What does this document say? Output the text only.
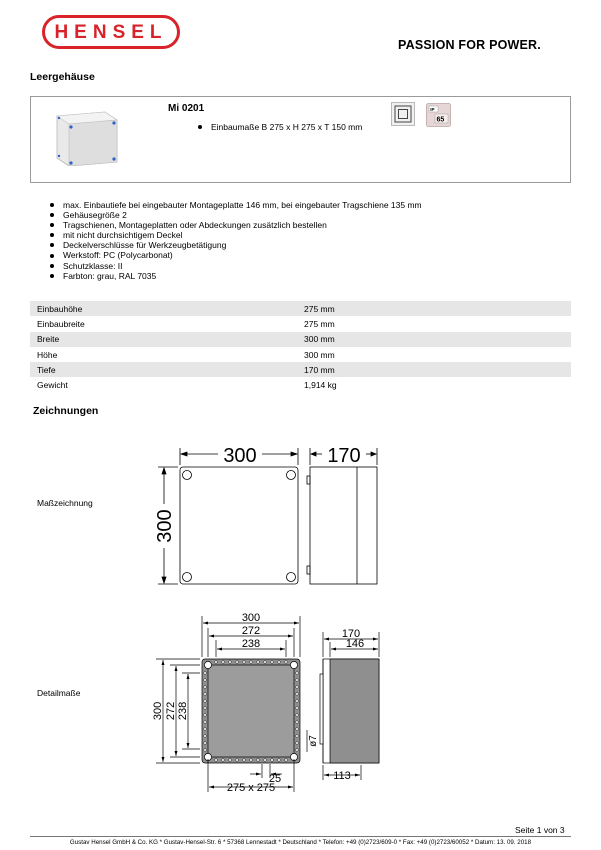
HENSEL
PASSION FOR POWER.
Leergehäuse
Mi 0201
Einbaumaße B 275 x H 275 x T 150 mm
IP
65
max. Einbautiefe bei eingebauter Montageplatte 146 mm, bei eingebauter Tragschiene 135 mm
Gehäusegröße 2
Tragschienen, Montageplatten oder Abdeckungen zusätzlich bestellen
mit nicht durchsichtigem Deckel
Deckelverschlüsse für Werkzeugbetätigung
Werkstoff: PC (Polycarbonat)
Schutzklasse: II
Farbton: grau, RAL 7035
Einbauhöhe	275 mm
Einbaubreite	275 mm
Breite	300 mm
Höhe	300 mm
Tiefe	170 mm
Gewicht	1,914 kg
Zeichnungen
Maßzeichnung
300	170
300
Detailmaße
300
272
238
300 272 238
170
146
ø7
25
275 x 275
113
Seite 1 von 3
Gustav Hensel GmbH & Co. KG * Gustav-Hensel-Str. 6 * 57368 Lennestadt * Deutschland * Telefon: +49 (0)2723/609-0 * Fax: +49 (0)2723/60052 * Datum: 13. 09. 2018
